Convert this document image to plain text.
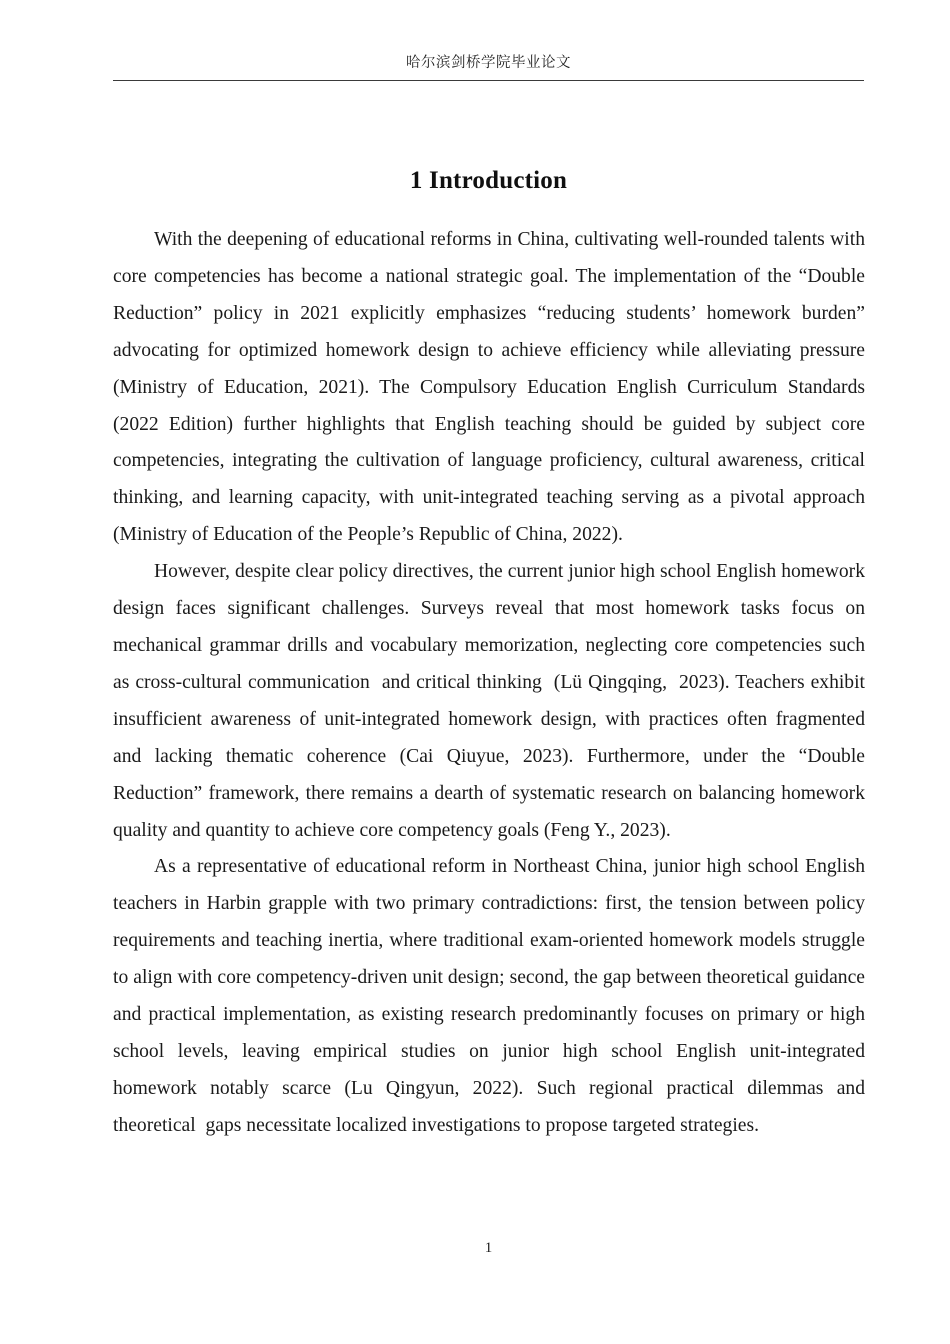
哈尔滨剑桥学院毕业论文
1 Introduction

With the deepening of educational reforms in China, cultivating well-rounded talents with core competencies has become a national strategic goal. The implementation of the “Double Reduction” policy in 2021 explicitly emphasizes “reducing students’ homework burden” advocating for optimized homework design to achieve efficiency while alleviating pressure (Ministry of Education, 2021). The Compulsory Education English Curriculum Standards (2022 Edition) further highlights that English teaching should be guided by subject core competencies, integrating the cultivation of language proficiency, cultural awareness, critical thinking, and learning capacity, with unit-integrated teaching serving as a pivotal approach (Ministry of Education of the People’s Republic of China, 2022).

However, despite clear policy directives, the current junior high school English homework design faces significant challenges. Surveys reveal that most homework tasks focus on mechanical grammar drills and vocabulary memorization, neglecting core competencies such as cross-cultural communication  and critical thinking  (Lü Qingqing,  2023). Teachers exhibit insufficient awareness of unit-integrated homework design, with practices often fragmented and lacking thematic coherence (Cai Qiuyue, 2023). Furthermore, under the “Double Reduction” framework, there remains a dearth of systematic research on balancing homework quality and quantity to achieve core competency goals (Feng Y., 2023).

As a representative of educational reform in Northeast China, junior high school English teachers in Harbin grapple with two primary contradictions: first, the tension between policy requirements and teaching inertia, where traditional exam-oriented homework models struggle to align with core competency-driven unit design; second, the gap between theoretical guidance and practical implementation, as existing research predominantly focuses on primary or high school levels, leaving empirical studies on junior high school English unit-integrated homework notably scarce (Lu Qingyun, 2022). Such regional practical dilemmas and theoretical  gaps necessitate localized investigations to propose targeted strategies.

1
